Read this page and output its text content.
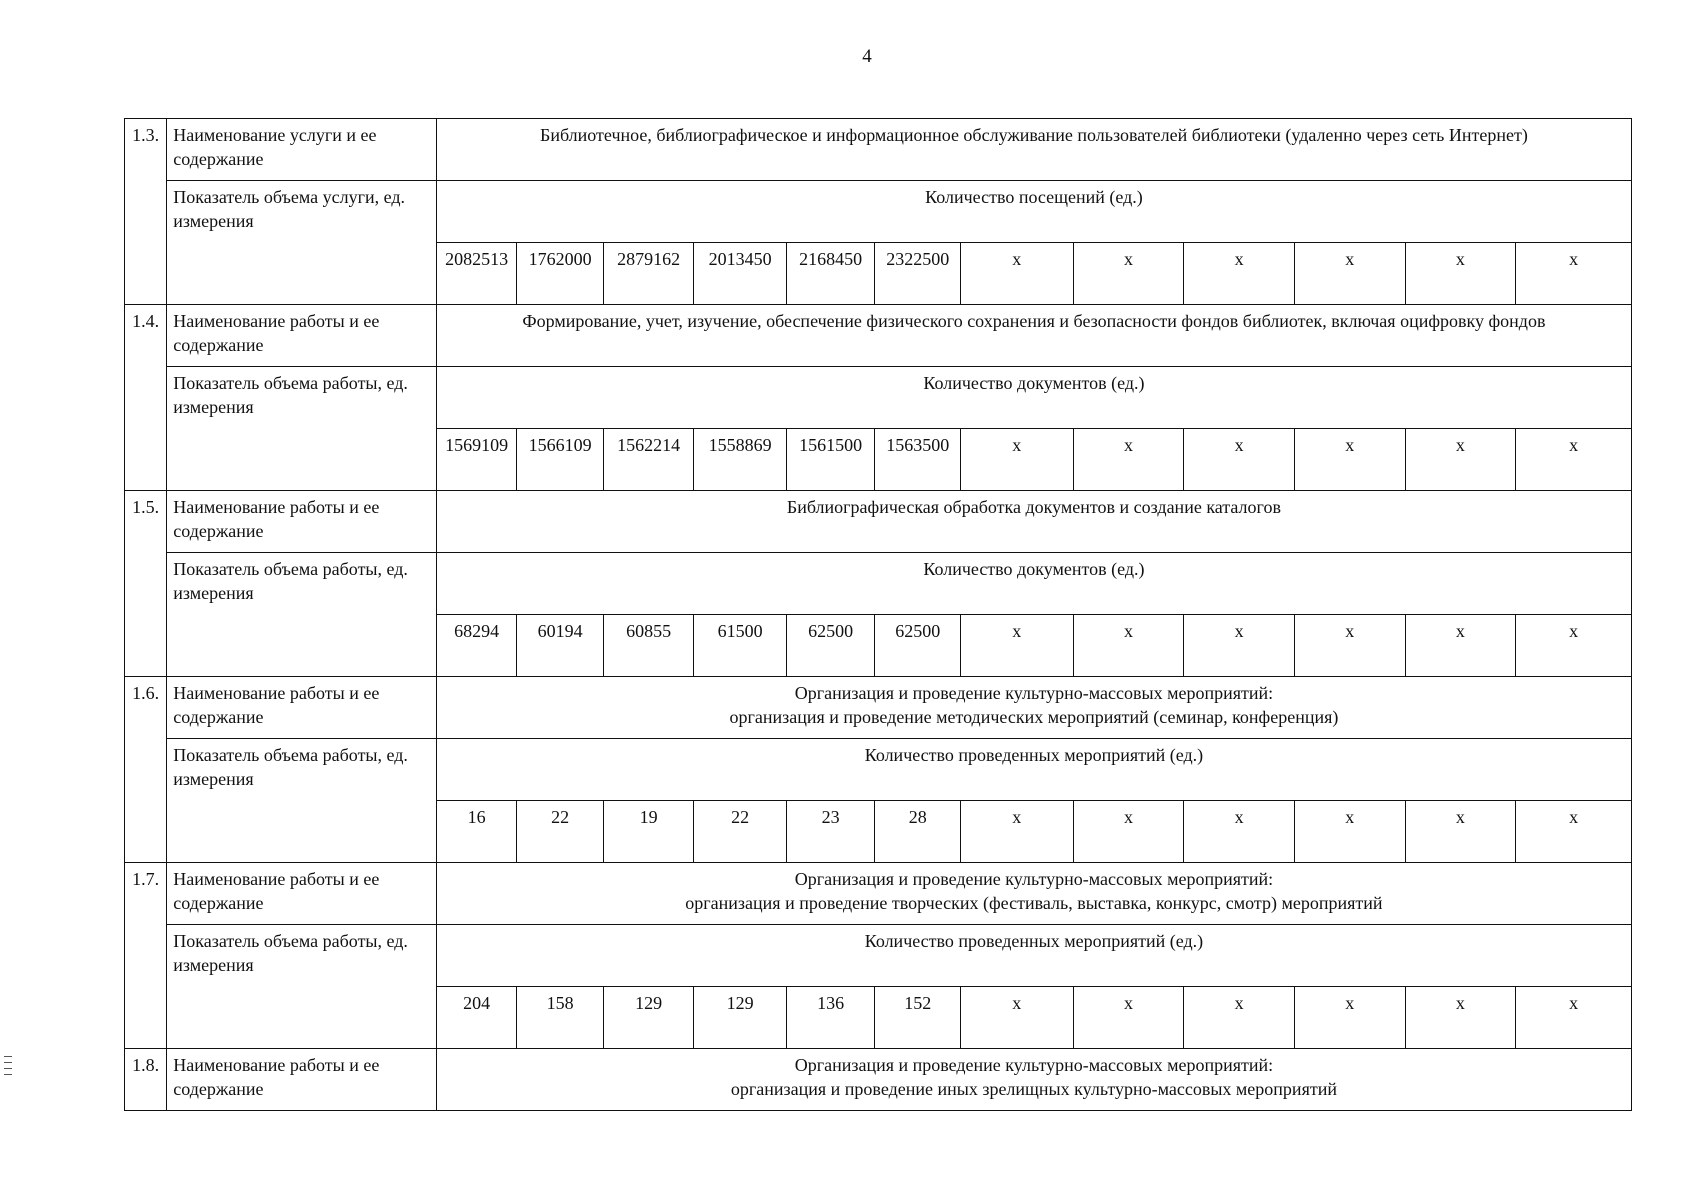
4
1.3.	Наименование услуги и ее содержание	Библиотечное, библиографическое и информационное обслуживание пользователей библиотеки (удаленно через сеть Интернет)											
	Показатель объема услуги, ед. измерения	Количество посещений (ед.)											
		2082513	1762000	2879162	2013450	2168450	2322500	x	x	x	x	x	x
1.4.	Наименование работы и ее содержание	Формирование, учет, изучение, обеспечение физического сохранения и безопасности фондов библиотек, включая оцифровку фондов											
	Показатель объема работы, ед. измерения	Количество документов (ед.)											
		1569109	1566109	1562214	1558869	1561500	1563500	x	x	x	x	x	x
1.5.	Наименование работы и ее содержание	Библиографическая обработка документов и создание каталогов											
	Показатель объема работы, ед. измерения	Количество документов (ед.)											
		68294	60194	60855	61500	62500	62500	x	x	x	x	x	x
1.6.	Наименование работы и ее содержание	Организация и проведение культурно-массовых мероприятий:
организация и проведение методических мероприятий (семинар, конференция)											

	Показатель объема работы, ед. измерения	Количество проведенных мероприятий (ед.)											
		16	22	19	22	23	28	x	x	x	x	x	x
1.7.	Наименование работы и ее содержание	Организация и проведение культурно-массовых мероприятий:
организация и проведение творческих (фестиваль, выставка, конкурс, смотр) мероприятий											

	Показатель объема работы, ед. измерения	Количество проведенных мероприятий (ед.)											
		204	158	129	129	136	152	x	x	x	x	x	x
1.8.	Наименование работы и ее содержание	Организация и проведение культурно-массовых мероприятий:
организация и проведение иных зрелищных культурно-массовых мероприятий											
